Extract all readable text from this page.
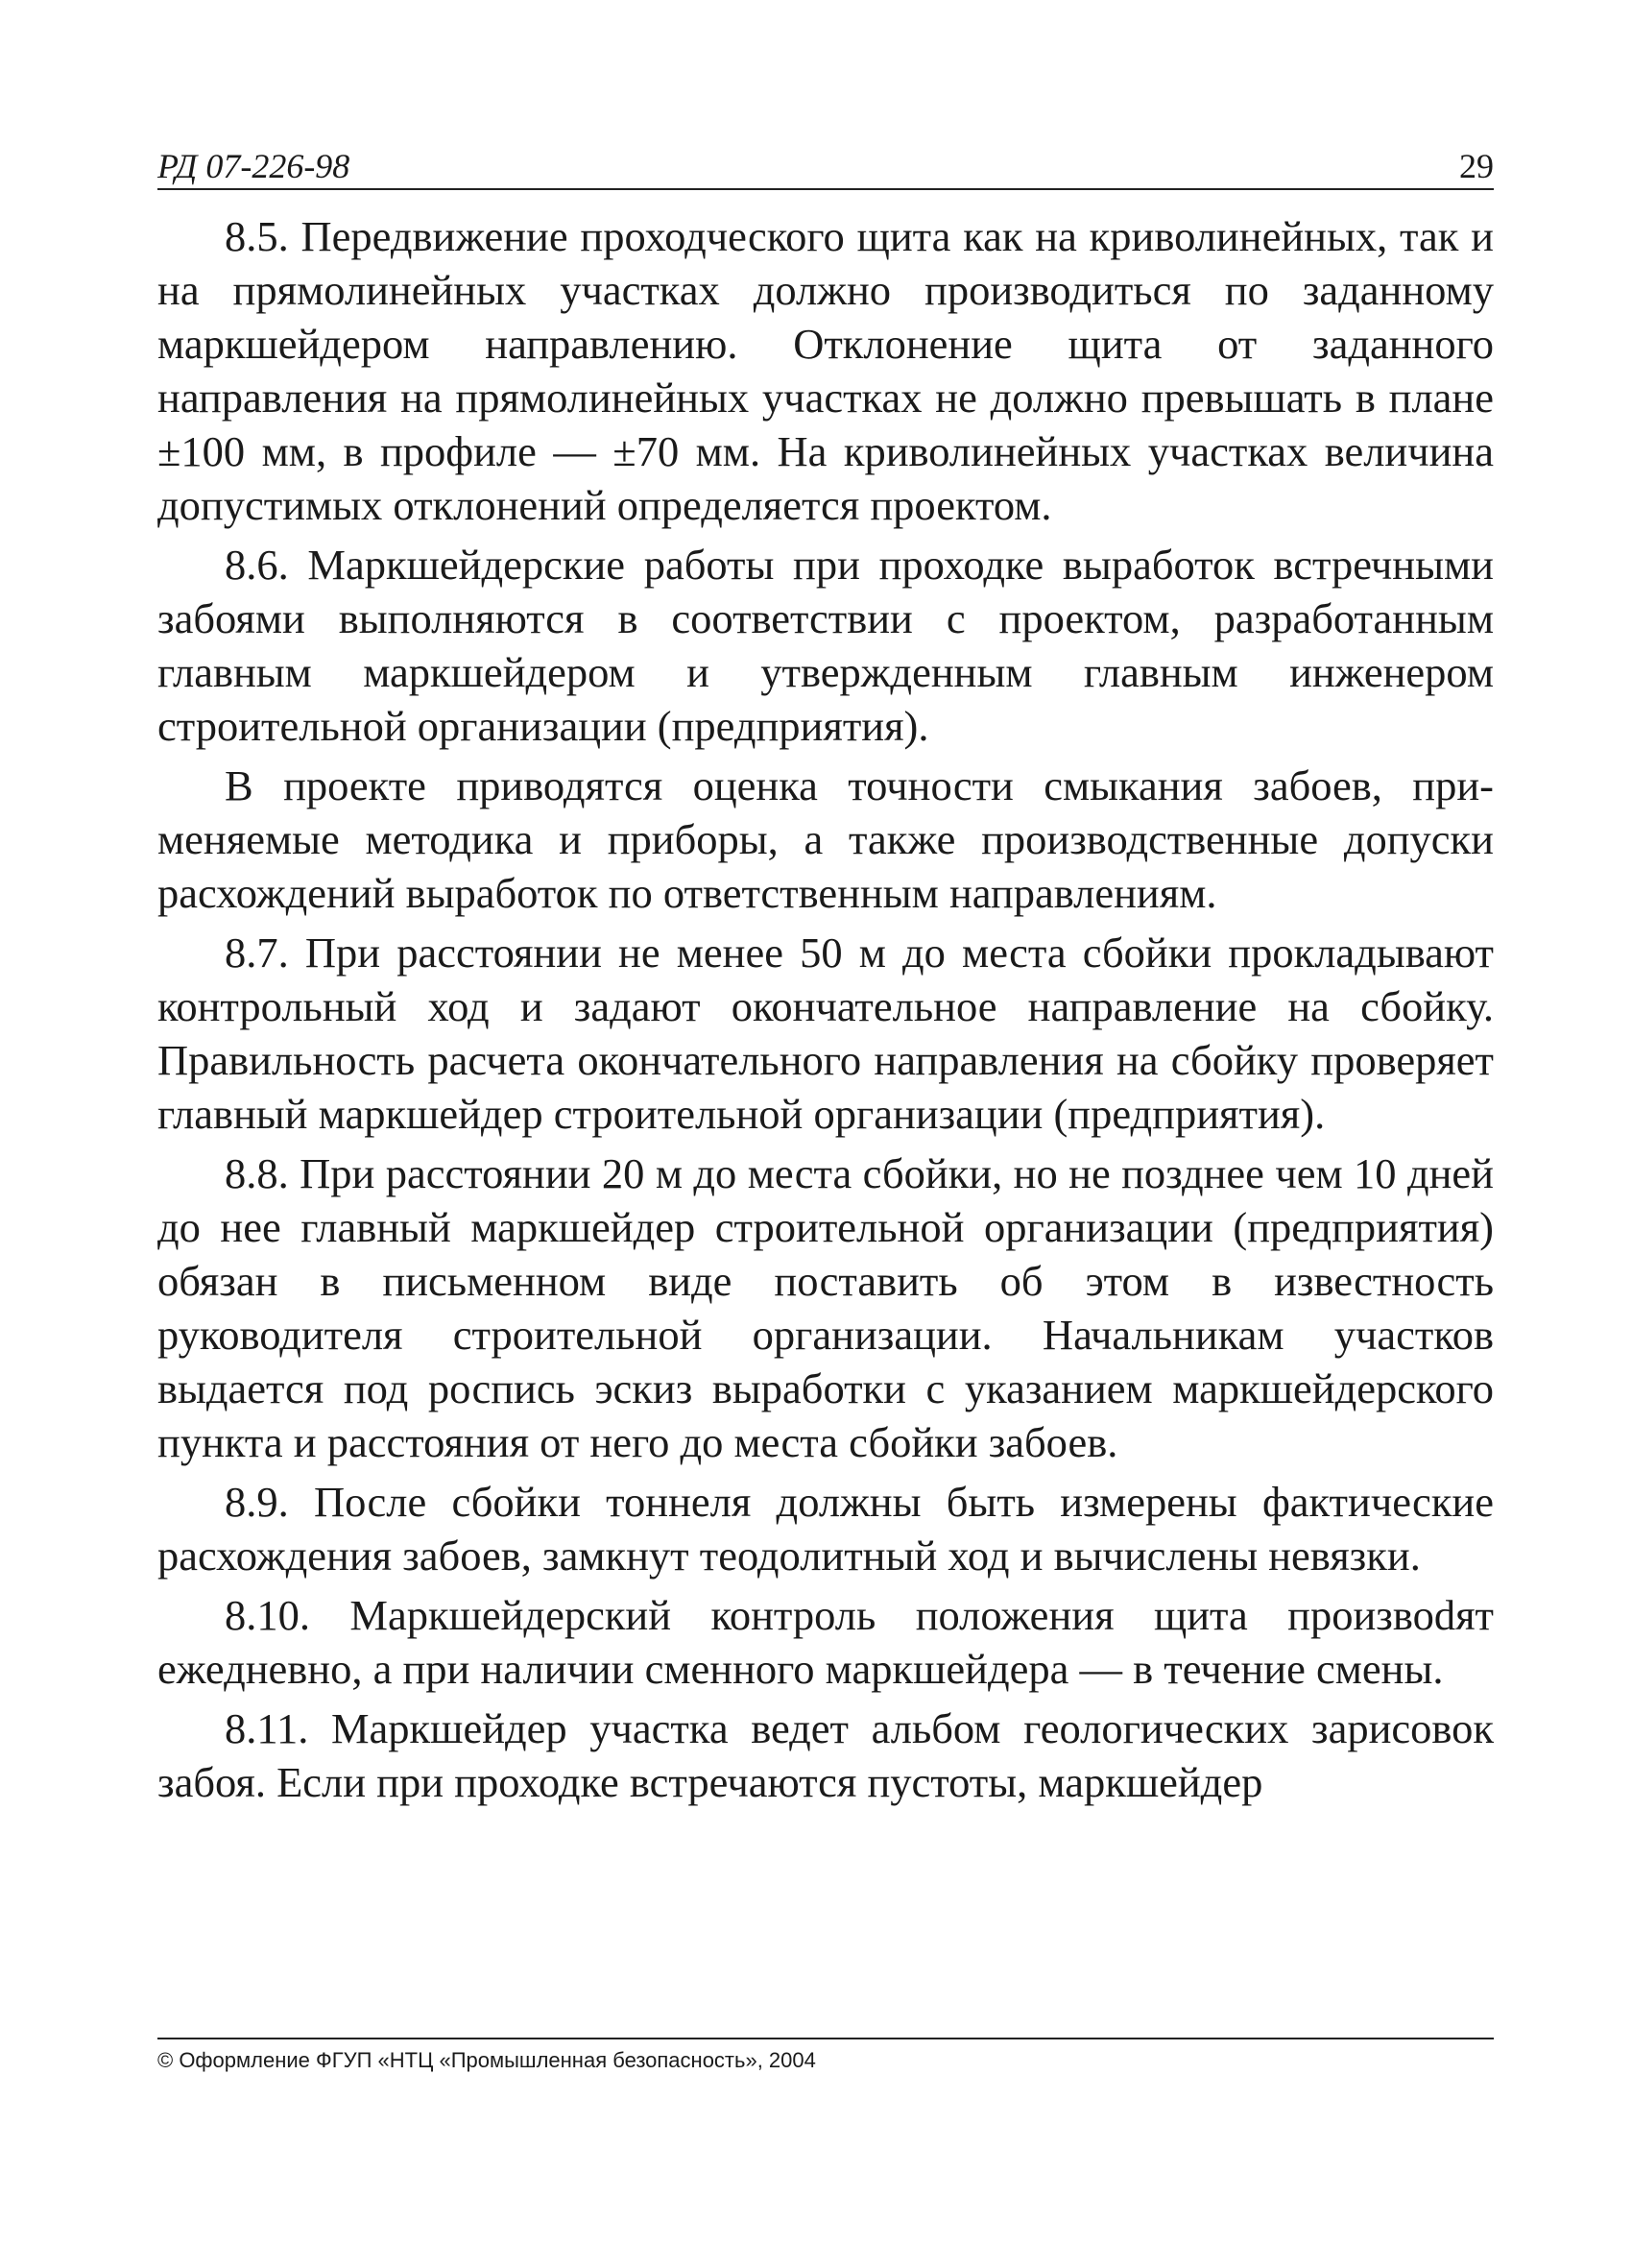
РД 07-226-98	29

8.5. Передвижение проходческого щита как на криволинейных, так и на прямолинейных участках должно производиться по заданному маркшейдером направлению. Отклонение щита от заданного направления на прямолинейных участках не должно превышать в плане ±100 мм, в профиле — ±70 мм. На криволинейных участках величина допустимых отклонений определяется проектом.

8.6. Маркшейдерские работы при проходке выработок встречными забоями выполняются в соответствии с проектом, разработанным главным маркшейдером и утвержденным главным инженером строительной организации (предприятия).

В проекте приводятся оценка точности смыкания забоев, применяемые методика и приборы, а также производственные допуски расхождений выработок по ответственным направлениям.

8.7. При расстоянии не менее 50 м до места сбойки прокладывают контрольный ход и задают окончательное направление на сбойку. Правильность расчета окончательного направления на сбойку проверяет главный маркшейдер строительной организации (предприятия).

8.8. При расстоянии 20 м до места сбойки, но не позднее чем 10 дней до нее главный маркшейдер строительной организации (предприятия) обязан в письменном виде поставить об этом в известность руководителя строительной организации. Начальникам участков выдается под роспись эскиз выработки с указанием маркшейдерского пункта и расстояния от него до места сбойки забоев.

8.9. После сбойки тоннеля должны быть измерены фактические расхождения забоев, замкнут теодолитный ход и вычислены невязки.

8.10. Маркшейдерский контроль положения щита произвоdят ежедневно, а при наличии сменного маркшейдера — в течение смены.

8.11. Маркшейдер участка ведет альбом геологических зарисовок забоя. Если при проходке встречаются пустоты, маркшейдер

© Оформление ФГУП «НТЦ «Промышленная безопасность», 2004
